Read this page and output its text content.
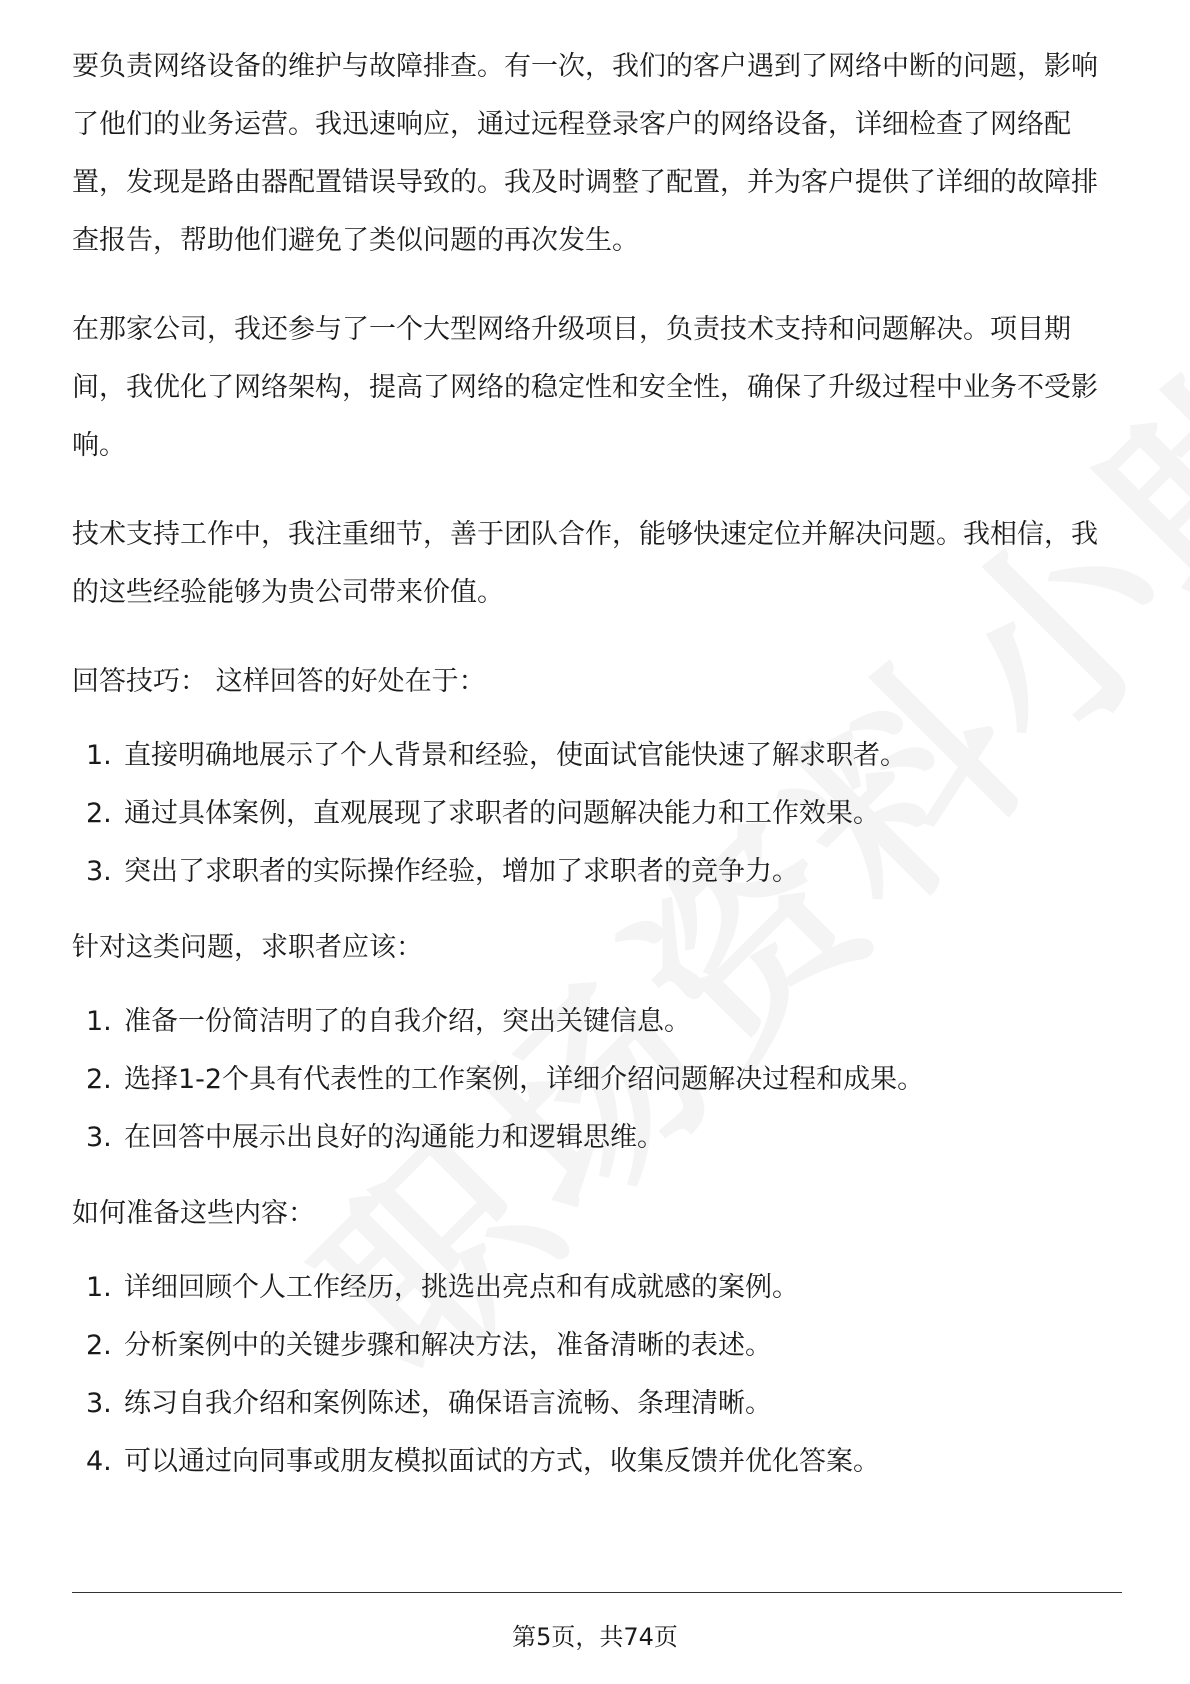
要负责网络设备的维护与故障排查。有一次，我们的客户遇到了网络中断的问题，影响了他们的业务运营。我迅速响应，通过远程登录客户的网络设备，详细检查了网络配置，发现是路由器配置错误导致的。我及时调整了配置，并为客户提供了详细的故障排查报告，帮助他们避免了类似问题的再次发生。

在那家公司，我还参与了一个大型网络升级项目，负责技术支持和问题解决。项目期间，我优化了网络架构，提高了网络的稳定性和安全性，确保了升级过程中业务不受影响。

技术支持工作中，我注重细节，善于团队合作，能够快速定位并解决问题。我相信，我的这些经验能够为贵公司带来价值。

回答技巧： 这样回答的好处在于：

1. 直接明确地展示了个人背景和经验，使面试官能快速了解求职者。
2. 通过具体案例，直观展现了求职者的问题解决能力和工作效果。
3. 突出了求职者的实际操作经验，增加了求职者的竞争力。

针对这类问题，求职者应该：

1. 准备一份简洁明了的自我介绍，突出关键信息。
2. 选择1-2个具有代表性的工作案例，详细介绍问题解决过程和成果。
3. 在回答中展示出良好的沟通能力和逻辑思维。

如何准备这些内容：

1. 详细回顾个人工作经历，挑选出亮点和有成就感的案例。
2. 分析案例中的关键步骤和解决方法，准备清晰的表述。
3. 练习自我介绍和案例陈述，确保语言流畅、条理清晰。
4. 可以通过向同事或朋友模拟面试的方式，收集反馈并优化答案。
第5页，共74页
